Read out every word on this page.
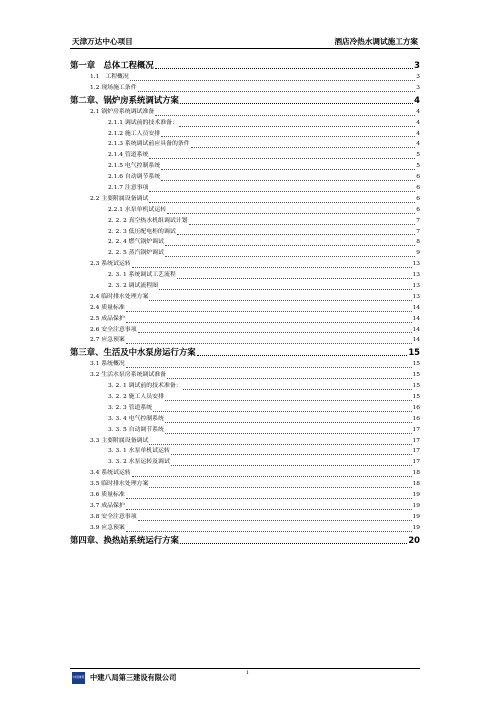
天津万达中心项目	酒店冷热水调试施工方案
第一章　总体工程概况	3
1.1　工程概况	3
1.2 现场施工条件	3
第二章、锅炉房系统调试方案	4
2.1 锅炉房系统调试准备	4
2.1.1 调试前的技术准备：	4
2.1.2 施工人员安排	4
2.1.3 系统调试前应具备的条件	4
2.1.4 管道系统	5
2.1.5 电气控制系统	5
2.1.6 自动调节系统	6
2.1.7 注意事项	6
2.2 主要附属设备调试	6
2.2.1 水泵单机试运转	6
2. 2. 2 真空热水机组调试计划	7
2. 2. 3 低压配电柜的调试	7
2. 2. 4 燃气锅炉调试	8
2. 2. 5 蒸汽锅炉调试	9
2.3 系统试运转	13
2. 3. 1 系统调试工艺流程	13
2. 3. 2 调试流程图	13
2.4 临时排水处理方案	13
2.4 质量标准	14
2.5 成品保护	14
2.6 安全注意事项	14
2.7 应急预案	14
第三章、生活及中水泵房运行方案	15
3.1 系统概况	15
3.2 生活水泵房系统调试准备	15
3. 2. 1 调试前的技术准备：	15
3. 2. 2 施工人员安排	15
3. 2. 3 管道系统	16
3. 3. 4 电气控制系统	16
3. 3. 5 自动调节系统	17
3.3 主要附属设备调试	17
3. 3. 1 水泵单机试运转	17
3. 3. 2 水泵运转及调试	17
3.4 系统试运转	18
3.5 临时排水处理方案	18
3.6 质量标准	19
3.7 成品保护	19
3.8 安全注意事项	19
3.9 应急预案	19
第四章、换热站系统运行方案	20
中国建筑 中建八局第三建设有限公司	1
